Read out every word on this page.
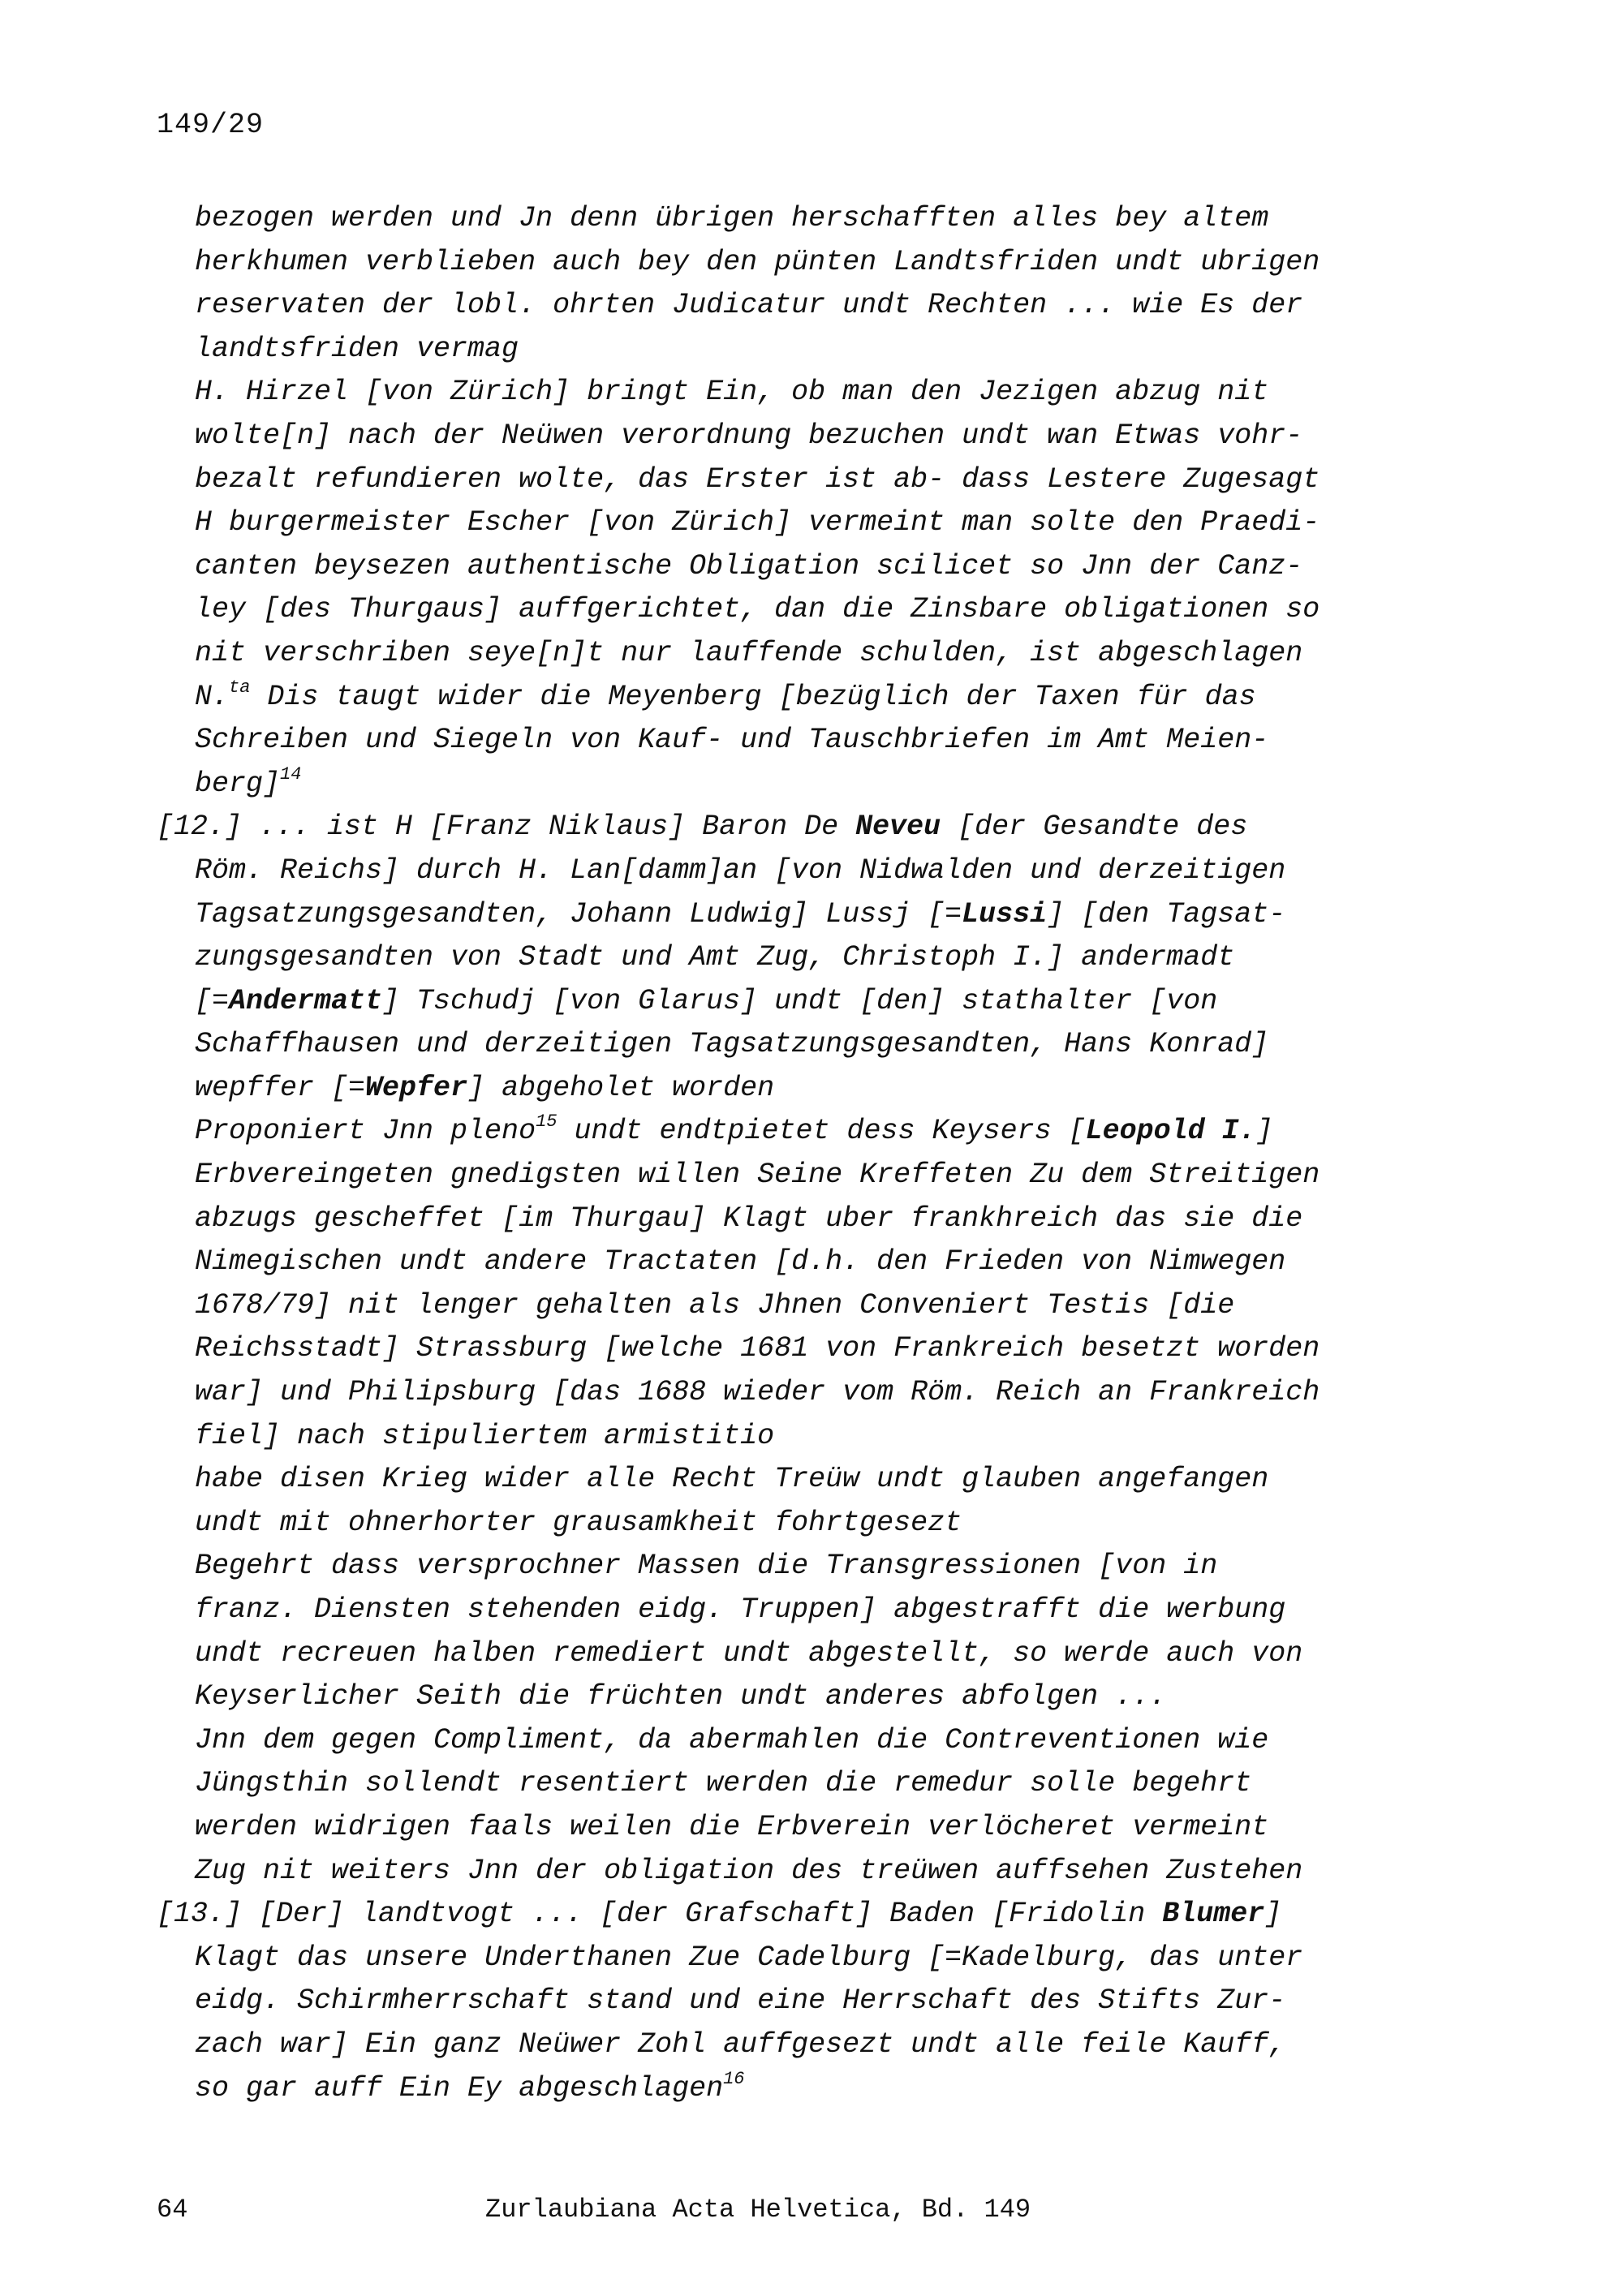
149/29
bezogen werden und Jn denn übrigen herschafften alles bey altem
herkhumen verblieben auch bey den pünten Landtsfriden undt ubrigen
reservaten der lobl. ohrten Judicatur undt Rechten ... wie Es der
landtsfriden vermag
H. Hirzel [von Zürich] bringt Ein, ob man den Jezigen abzug nit
wolte[n] nach der Neüwen verordnung bezuchen undt wan Etwas vohr-
bezalt refundieren wolte, das Erster ist ab- dass Lestere Zugesagt
H burgermeister Escher [von Zürich] vermeint man solte den Praedi-
canten beysezen authentische Obligation scilicet so Jnn der Canz-
ley [des Thurgaus] auffgerichtet, dan die Zinsbare obligationen so
nit verschriben seye[n]t nur lauffende schulden, ist abgeschlagen
N.$^{ta}$ Dis taugt wider die Meyenberg [bezüglich der Taxen für das
Schreiben und Siegeln von Kauf- und Tauschbriefen im Amt Meien-
berg]$^{14}$
[12.] ... ist H [Franz Niklaus] Baron De Neveu [der Gesandte des
Röm. Reichs] durch H. Lan[damm]an [von Nidwalden und derzeitigen
Tagsatzungsgesandten, Johann Ludwig] Lussj [=Lussi] [den Tagsat-
zungsgesandten von Stadt und Amt Zug, Christoph I.] andermadt
[=Andermatt] Tschudj [von Glarus] undt [den] stathalter [von
Schaffhausen und derzeitigen Tagsatzungsgesandten, Hans Konrad]
wepffer [=Wepfer] abgeholet worden
Proponiert Jnn pleno$^{15}$ undt endtpietet dess Keysers [Leopold I.]
Erbvereingeten gnedigsten willen Seine Kreffeten Zu dem Streitigen
abzugs gescheffet [im Thurgau] Klagt uber frankhreich das sie die
Nimegischen undt andere Tractaten [d.h. den Frieden von Nimwegen
1678/79] nit lenger gehalten als Jhnen Conveniert Testis [die
Reichsstadt] Strassburg [welche 1681 von Frankreich besetzt worden
war] und Philipsburg [das 1688 wieder vom Röm. Reich an Frankreich
fiel] nach stipuliertem armistitio
habe disen Krieg wider alle Recht Treüw undt glauben angefangen
undt mit ohnerhorter grausamkheit fohrtgesezt
Begehrt dass versprochner Massen die Transgressionen [von in
franz. Diensten stehenden eidg. Truppen] abgestrafft die werbung
undt recreuen halben remediert undt abgestellt, so werde auch von
Keyserlicher Seith die früchten undt anderes abfolgen ...
Jnn dem gegen Compliment, da abermahlen die Contreventionen wie
Jüngsthin sollendt resentiert werden die remedur solle begehrt
werden widrigen faals weilen die Erbverein verlöcheret vermeint
Zug nit weiters Jnn der obligation des treüwen auffsehen Zustehen
[13.] [Der] landtvogt ... [der Grafschaft] Baden [Fridolin Blumer]
Klagt das unsere Underthanen Zue Cadelburg [=Kadelburg, das unter
eidg. Schirmherrschaft stand und eine Herrschaft des Stifts Zur-
zach war] Ein ganz Neüwer Zohl auffgesezt undt alle feile Kauff,
so gar auff Ein Ey abgeschlagen$^{16}$
64	Zurlaubiana Acta Helvetica, Bd. 149
